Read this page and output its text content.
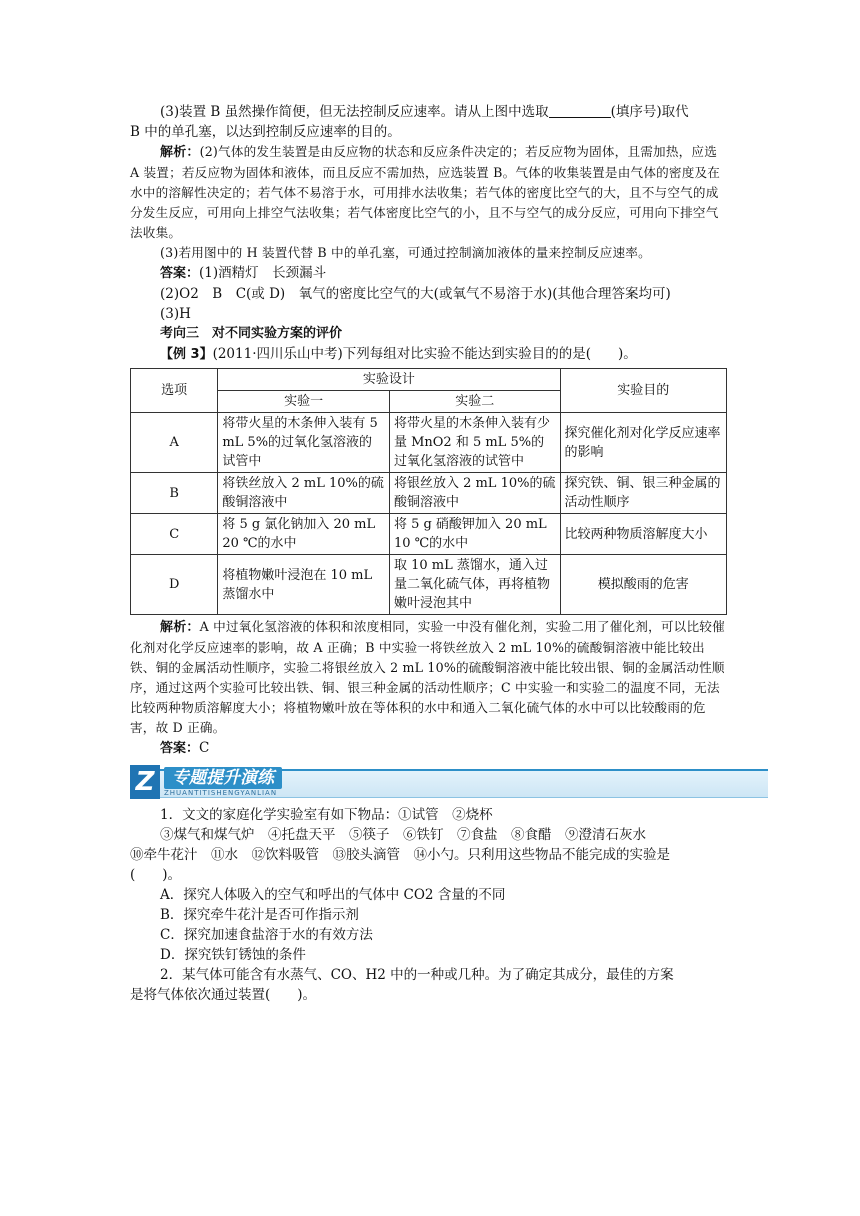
(3)装置 B 虽然操作简便，但无法控制反应速率。请从上图中选取	(填序号)取代

B 中的单孔塞，以达到控制反应速率的目的。

解析：(2)气体的发生装置是由反应物的状态和反应条件决定的；若反应物为固体，且需加热，应选 A 装置；若反应物为固体和液体，而且反应不需加热，应选装置 B。气体的收集装置是由气体的密度及在水中的溶解性决定的；若气体不易溶于水，可用排水法收集；若气体的密度比空气的大，且不与空气的成分发生反应，可用向上排空气法收集；若气体密度比空气的小，且不与空气的成分反应，可用向下排空气法收集。

(3)若用图中的 H 装置代替 B 中的单孔塞，可通过控制滴加液体的量来控制反应速率。

答案：(1)酒精灯　长颈漏斗

(2)O2　B　C(或 D)　氧气的密度比空气的大(或氧气不易溶于水)(其他合理答案均可)

(3)H

考向三　对不同实验方案的评价

【例 3】(2011·四川乐山中考)下列每组对比实验不能达到实验目的的是(　　)。

选项	实验设计		实验目的
	实验一	实验二	
A	将带火星的木条伸入装有 5 mL 5%的过氧化氢溶液的试管中	将带火星的木条伸入装有少量 MnO2 和 5 mL 5%的过氧化氢溶液的试管中	探究催化剂对化学反应速率的影响
B	将铁丝放入 2 mL 10%的硫酸铜溶液中	将银丝放入 2 mL 10%的硫酸铜溶液中	探究铁、铜、银三种金属的活动性顺序
C	将 5 g 氯化钠加入 20 mL 20 ℃的水中	将 5 g 硝酸钾加入 20 mL 10 ℃的水中	比较两种物质溶解度大小
D	将植物嫩叶浸泡在 10 mL 蒸馏水中	取 10 mL 蒸馏水，通入过量二氧化硫气体，再将植物嫩叶浸泡其中	模拟酸雨的危害

解析：A 中过氧化氢溶液的体积和浓度相同，实验一中没有催化剂，实验二用了催化剂，可以比较催化剂对化学反应速率的影响，故 A 正确；B 中实验一将铁丝放入 2 mL 10%的硫酸铜溶液中能比较出铁、铜的金属活动性顺序，实验二将银丝放入 2 mL 10%的硫酸铜溶液中能比较出银、铜的金属活动性顺序，通过这两个实验可比较出铁、铜、银三种金属的活动性顺序；C 中实验一和实验二的温度不同，无法比较两种物质溶解度大小；将植物嫩叶放在等体积的水中和通入二氧化硫气体的水中可以比较酸雨的危害，故 D 正确。

答案：C

Z	专题提升演练
ZHUANTITISHENGYANLIAN

1．文文的家庭化学实验室有如下物品：①试管　②烧杯

③煤气和煤气炉　④托盘天平　⑤筷子　⑥铁钉　⑦食盐　⑧食醋　⑨澄清石灰水

⑩牵牛花汁　⑪水　⑫饮料吸管　⑬胶头滴管　⑭小勺。只利用这些物品不能完成的实验是

(　　)。

A．探究人体吸入的空气和呼出的气体中 CO2 含量的不同

B．探究牵牛花汁是否可作指示剂

C．探究加速食盐溶于水的有效方法

D．探究铁钉锈蚀的条件

2．某气体可能含有水蒸气、CO、H2 中的一种或几种。为了确定其成分，最佳的方案

是将气体依次通过装置(　　)。
